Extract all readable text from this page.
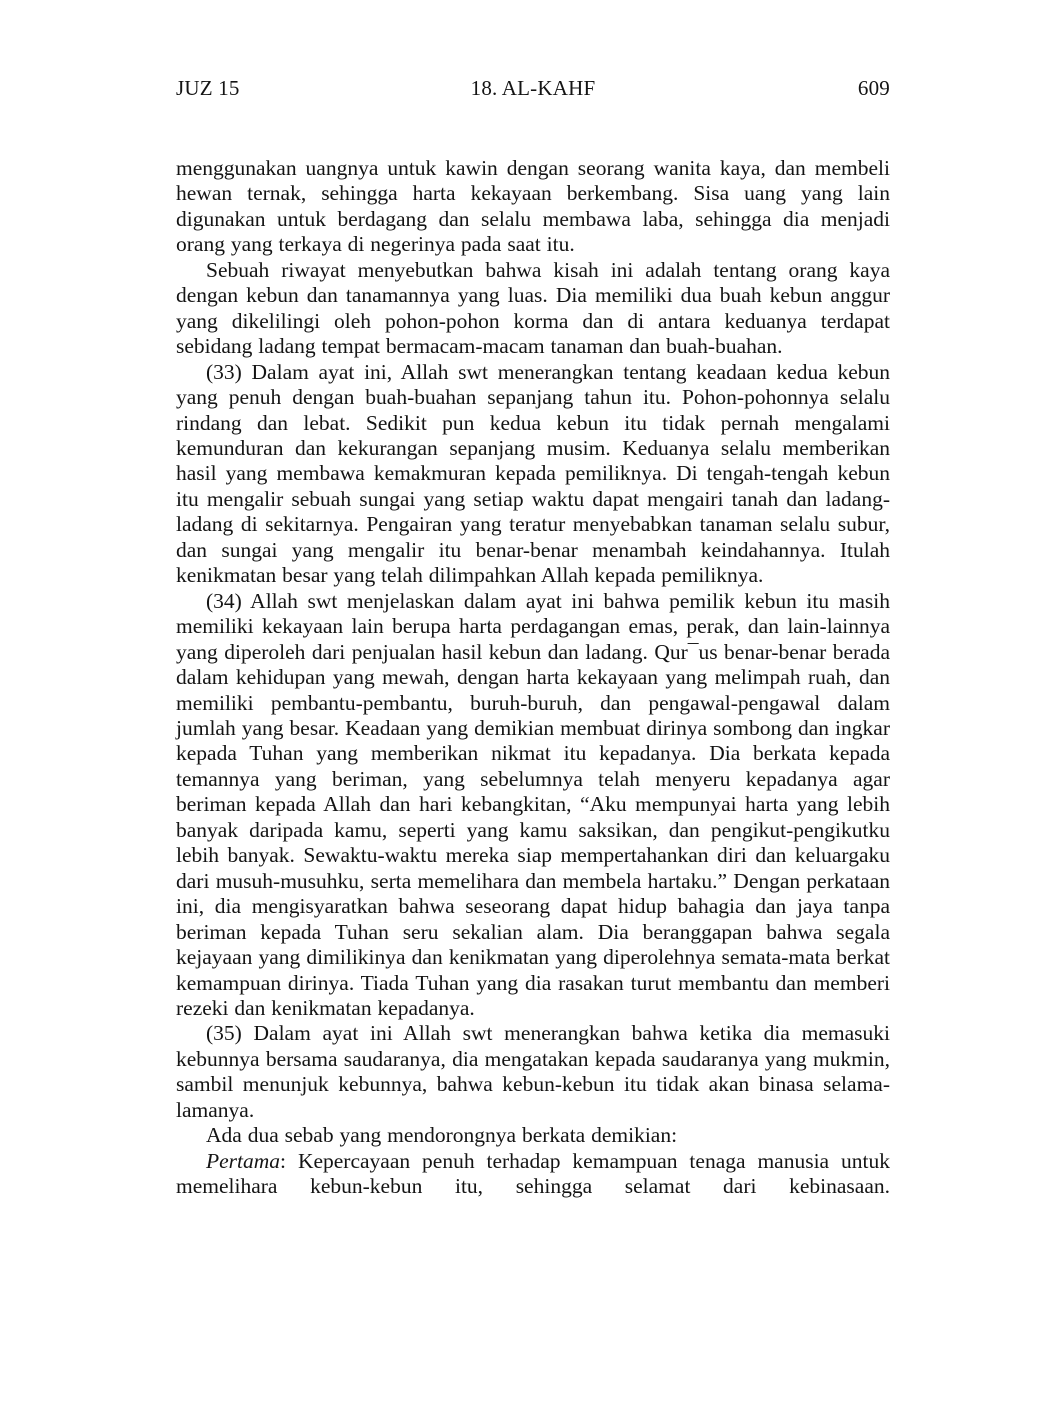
JUZ 15	18. AL-KAHF	609

menggunakan uangnya untuk kawin dengan seorang wanita kaya, dan membeli hewan ternak, sehingga harta kekayaan berkembang. Sisa uang yang lain digunakan untuk berdagang dan selalu membawa laba, sehingga dia menjadi orang yang terkaya di negerinya pada saat itu.

Sebuah riwayat menyebutkan bahwa kisah ini adalah tentang orang kaya dengan kebun dan tanamannya yang luas. Dia memiliki dua buah kebun anggur yang dikelilingi oleh pohon-pohon korma dan di antara keduanya terdapat sebidang ladang tempat bermacam-macam tanaman dan buah-buahan.

(33) Dalam ayat ini, Allah swt menerangkan tentang keadaan kedua kebun yang penuh dengan buah-buahan sepanjang tahun itu. Pohon-pohonnya selalu rindang dan lebat. Sedikit pun kedua kebun itu tidak pernah mengalami kemunduran dan kekurangan sepanjang musim. Keduanya selalu memberikan hasil yang membawa kemakmuran kepada pemiliknya. Di tengah-tengah kebun itu mengalir sebuah sungai yang setiap waktu dapat mengairi tanah dan ladang-ladang di sekitarnya. Pengairan yang teratur menyebabkan tanaman selalu subur, dan sungai yang mengalir itu benar-benar menambah keindahannya. Itulah kenikmatan besar yang telah dilimpahkan Allah kepada pemiliknya.

(34) Allah swt menjelaskan dalam ayat ini bahwa pemilik kebun itu masih memiliki kekayaan lain berupa harta perdagangan emas, perak, dan lain-lainnya yang diperoleh dari penjualan hasil kebun dan ladang. Qur¯us benar-benar berada dalam kehidupan yang mewah, dengan harta kekayaan yang melimpah ruah, dan memiliki pembantu-pembantu, buruh-buruh, dan pengawal-pengawal dalam jumlah yang besar. Keadaan yang demikian membuat dirinya sombong dan ingkar kepada Tuhan yang memberikan nikmat itu kepadanya. Dia berkata kepada temannya yang beriman, yang sebelumnya telah menyeru kepadanya agar beriman kepada Allah dan hari kebangkitan, “Aku mempunyai harta yang lebih banyak daripada kamu, seperti yang kamu saksikan, dan pengikut-pengikutku lebih banyak. Sewaktu-waktu mereka siap mempertahankan diri dan keluargaku dari musuh-musuhku, serta memelihara dan membela hartaku.” Dengan perkataan ini, dia mengisyaratkan bahwa seseorang dapat hidup bahagia dan jaya tanpa beriman kepada Tuhan seru sekalian alam. Dia beranggapan bahwa segala kejayaan yang dimilikinya dan kenikmatan yang diperolehnya semata-mata berkat kemampuan dirinya. Tiada Tuhan yang dia rasakan turut membantu dan memberi rezeki dan kenikmatan kepadanya.

(35) Dalam ayat ini Allah swt menerangkan bahwa ketika dia memasuki kebunnya bersama saudaranya, dia mengatakan kepada saudaranya yang mukmin, sambil menunjuk kebunnya, bahwa kebun-kebun itu tidak akan binasa selama-lamanya.

Ada dua sebab yang mendorongnya berkata demikian:

Pertama: Kepercayaan penuh terhadap kemampuan tenaga manusia untuk memelihara kebun-kebun itu, sehingga selamat dari kebinasaan.
